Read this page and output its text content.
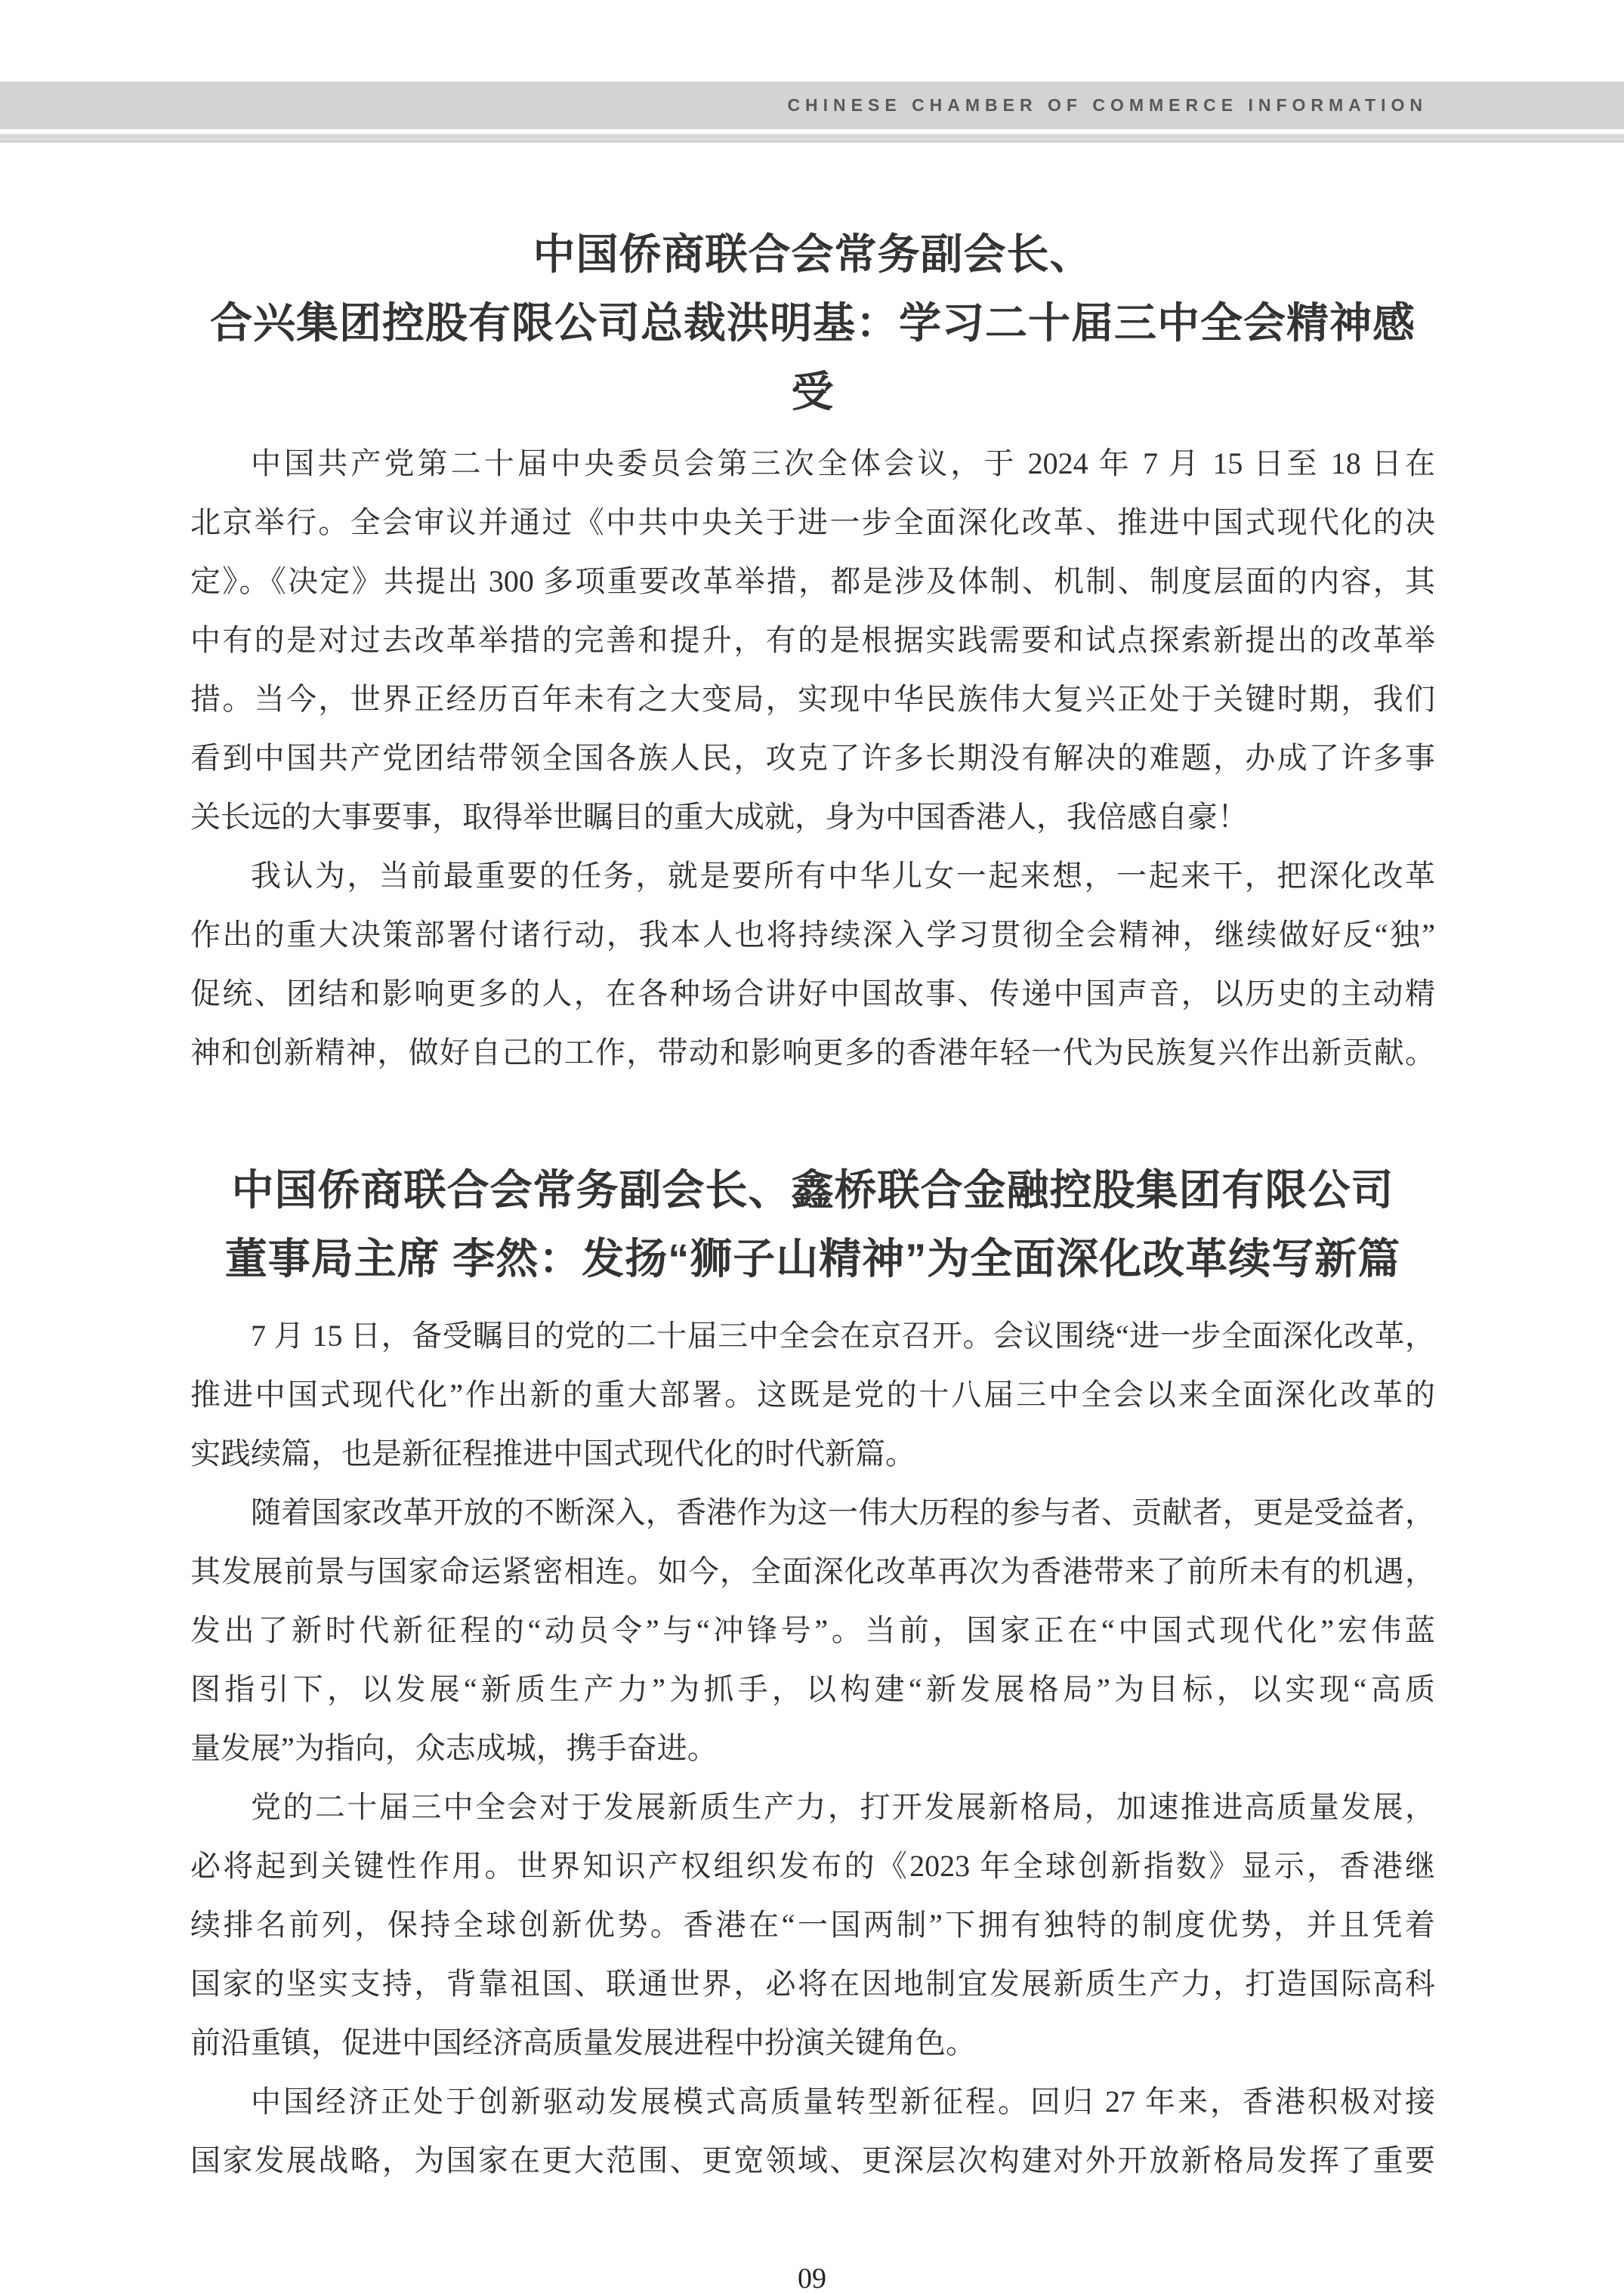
CHINESE CHAMBER OF COMMERCE INFORMATION
中国侨商联合会常务副会长、
合兴集团控股有限公司总裁洪明基：学习二十届三中全会精神感受
中国共产党第二十届中央委员会第三次全体会议，于 2024 年 7 月 15 日至 18 日在
北京举行。全会审议并通过《中共中央关于进一步全面深化改革、推进中国式现代化的决
定》。《决定》共提出 300 多项重要改革举措，都是涉及体制、机制、制度层面的内容，其
中有的是对过去改革举措的完善和提升，有的是根据实践需要和试点探索新提出的改革举
措。当今，世界正经历百年未有之大变局，实现中华民族伟大复兴正处于关键时期，我们
看到中国共产党团结带领全国各族人民，攻克了许多长期没有解决的难题，办成了许多事
关长远的大事要事，取得举世瞩目的重大成就，身为中国香港人，我倍感自豪！
我认为，当前最重要的任务，就是要所有中华儿女一起来想，一起来干，把深化改革
作出的重大决策部署付诸行动，我本人也将持续深入学习贯彻全会精神，继续做好反“独”
促统、团结和影响更多的人，在各种场合讲好中国故事、传递中国声音，以历史的主动精
神和创新精神，做好自己的工作，带动和影响更多的香港年轻一代为民族复兴作出新贡献。
中国侨商联合会常务副会长、鑫桥联合金融控股集团有限公司
董事局主席 李然：发扬“狮子山精神”为全面深化改革续写新篇
7 月 15 日，备受瞩目的党的二十届三中全会在京召开。会议围绕“进一步全面深化改革，
推进中国式现代化”作出新的重大部署。这既是党的十八届三中全会以来全面深化改革的
实践续篇，也是新征程推进中国式现代化的时代新篇。
随着国家改革开放的不断深入，香港作为这一伟大历程的参与者、贡献者，更是受益者，
其发展前景与国家命运紧密相连。如今，全面深化改革再次为香港带来了前所未有的机遇，
发出了新时代新征程的“动员令”与“冲锋号”。当前，国家正在“中国式现代化”宏伟蓝
图指引下，以发展“新质生产力”为抓手，以构建“新发展格局”为目标，以实现“高质
量发展”为指向，众志成城，携手奋进。
党的二十届三中全会对于发展新质生产力，打开发展新格局，加速推进高质量发展，
必将起到关键性作用。世界知识产权组织发布的《2023 年全球创新指数》显示，香港继
续排名前列，保持全球创新优势。香港在“一国两制”下拥有独特的制度优势，并且凭着
国家的坚实支持，背靠祖国、联通世界，必将在因地制宜发展新质生产力，打造国际高科
前沿重镇，促进中国经济高质量发展进程中扮演关键角色。
中国经济正处于创新驱动发展模式高质量转型新征程。回归 27 年来，香港积极对接
国家发展战略，为国家在更大范围、更宽领域、更深层次构建对外开放新格局发挥了重要
09
